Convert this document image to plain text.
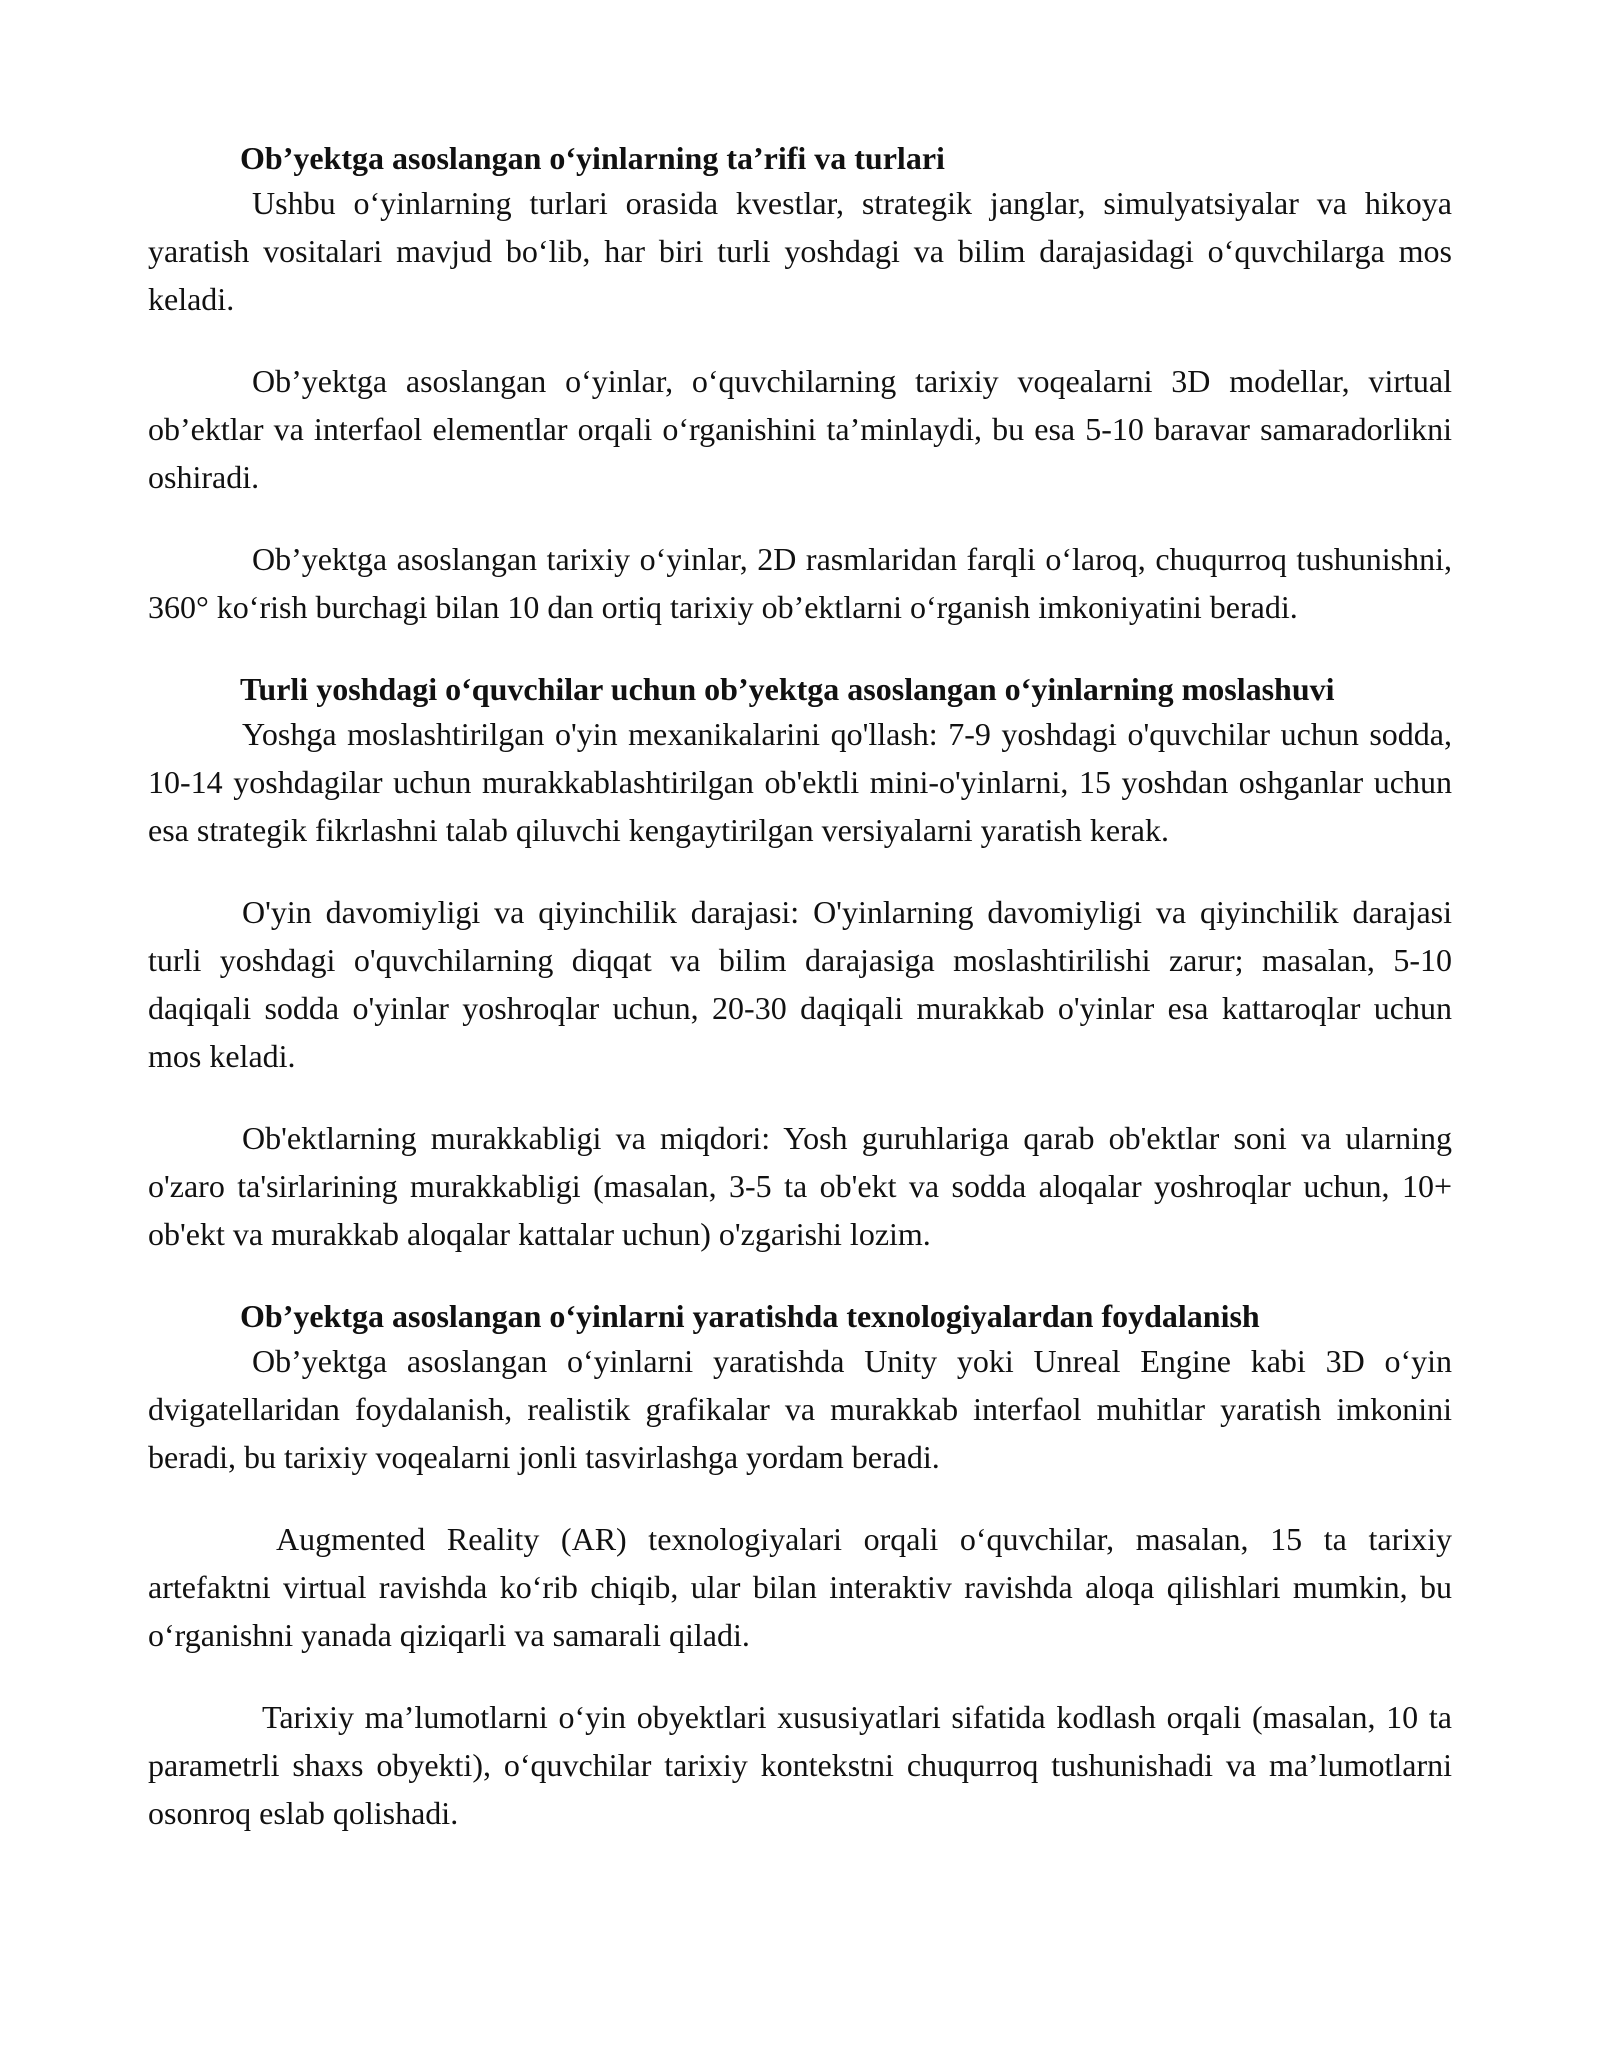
Ob’yektga asoslangan o‘yinlarning ta’rifi va turlari

Ushbu o‘yinlarning turlari orasida kvestlar, strategik janglar, simulyatsiyalar va hikoya yaratish vositalari mavjud bo‘lib, har biri turli yoshdagi va bilim darajasidagi o‘quvchilarga mos keladi.

Ob’yektga asoslangan o‘yinlar, o‘quvchilarning tarixiy voqealarni 3D modellar, virtual ob’ektlar va interfaol elementlar orqali o‘rganishini ta’minlaydi, bu esa 5-10 baravar samaradorlikni oshiradi.

Ob’yektga asoslangan tarixiy o‘yinlar, 2D rasmlaridan farqli o‘laroq, chuqurroq tushunishni, 360° ko‘rish burchagi bilan 10 dan ortiq tarixiy ob’ektlarni o‘rganish imkoniyatini beradi.

Turli yoshdagi o‘quvchilar uchun ob’yektga asoslangan o‘yinlarning moslashuvi

Yoshga moslashtirilgan o'yin mexanikalarini qo'llash: 7-9 yoshdagi o'quvchilar uchun sodda, 10-14 yoshdagilar uchun murakkablashtirilgan ob'ektli mini-o'yinlarni, 15 yoshdan oshganlar uchun esa strategik fikrlashni talab qiluvchi kengaytirilgan versiyalarni yaratish kerak.

O'yin davomiyligi va qiyinchilik darajasi: O'yinlarning davomiyligi va qiyinchilik darajasi turli yoshdagi o'quvchilarning diqqat va bilim darajasiga moslashtirilishi zarur; masalan, 5-10 daqiqali sodda o'yinlar yoshroqlar uchun, 20-30 daqiqali murakkab o'yinlar esa kattaroqlar uchun mos keladi.

Ob'ektlarning murakkabligi va miqdori: Yosh guruhlariga qarab ob'ektlar soni va ularning o'zaro ta'sirlarining murakkabligi (masalan, 3-5 ta ob'ekt va sodda aloqalar yoshroqlar uchun, 10+ ob'ekt va murakkab aloqalar kattalar uchun) o'zgarishi lozim.

Ob’yektga asoslangan o‘yinlarni yaratishda texnologiyalardan foydalanish

Ob’yektga asoslangan o‘yinlarni yaratishda Unity yoki Unreal Engine kabi 3D o‘yin dvigatellaridan foydalanish, realistik grafikalar va murakkab interfaol muhitlar yaratish imkonini beradi, bu tarixiy voqealarni jonli tasvirlashga yordam beradi.

Augmented Reality (AR) texnologiyalari orqali o‘quvchilar, masalan, 15 ta tarixiy artefaktni virtual ravishda ko‘rib chiqib, ular bilan interaktiv ravishda aloqa qilishlari mumkin, bu o‘rganishni yanada qiziqarli va samarali qiladi.

Tarixiy ma’lumotlarni o‘yin obyektlari xususiyatlari sifatida kodlash orqali (masalan, 10 ta parametrli shaxs obyekti), o‘quvchilar tarixiy kontekstni chuqurroq tushunishadi va ma’lumotlarni osonroq eslab qolishadi.
